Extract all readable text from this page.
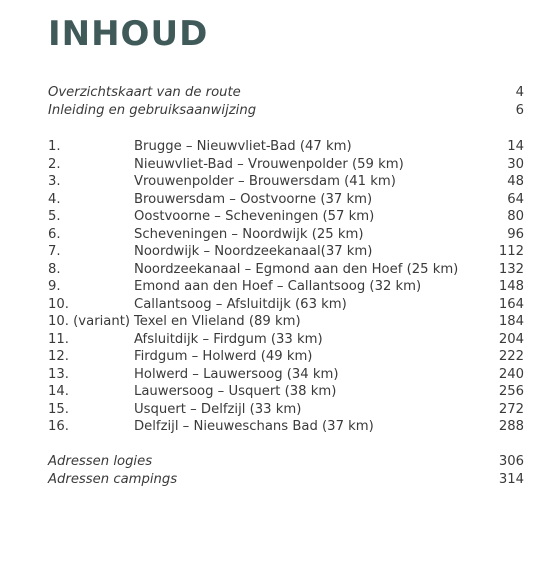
INHOUD
Overzichtskaart van de route	4
Inleiding en gebruiksaanwijzing	6
1.	Brugge – Nieuwvliet-Bad (47 km)	14
2.	Nieuwvliet-Bad – Vrouwenpolder (59 km)	30
3.	Vrouwenpolder – Brouwersdam (41 km)	48
4.	Brouwersdam – Oostvoorne (37 km)	64
5.	Oostvoorne – Scheveningen (57 km)	80
6.	Scheveningen – Noordwijk (25 km)	96
7.	Noordwijk – Noordzeekanaal(37 km)	112
8.	Noordzeekanaal – Egmond aan den Hoef (25 km)	132
9.	Emond aan den Hoef – Callantsoog (32 km)	148
10.	Callantsoog – Afsluitdijk (63 km)	164
10. (variant) Texel en Vlieland (89 km)	184
11.	Afsluitdijk – Firdgum (33 km)	204
12.	Firdgum – Holwerd (49 km)	222
13.	Holwerd – Lauwersoog (34 km)	240
14.	Lauwersoog – Usquert (38 km)	256
15.	Usquert – Delfzijl (33 km)	272
16.	Delfzijl – Nieuweschans Bad (37 km)	288
Adressen logies	306
Adressen campings	314
